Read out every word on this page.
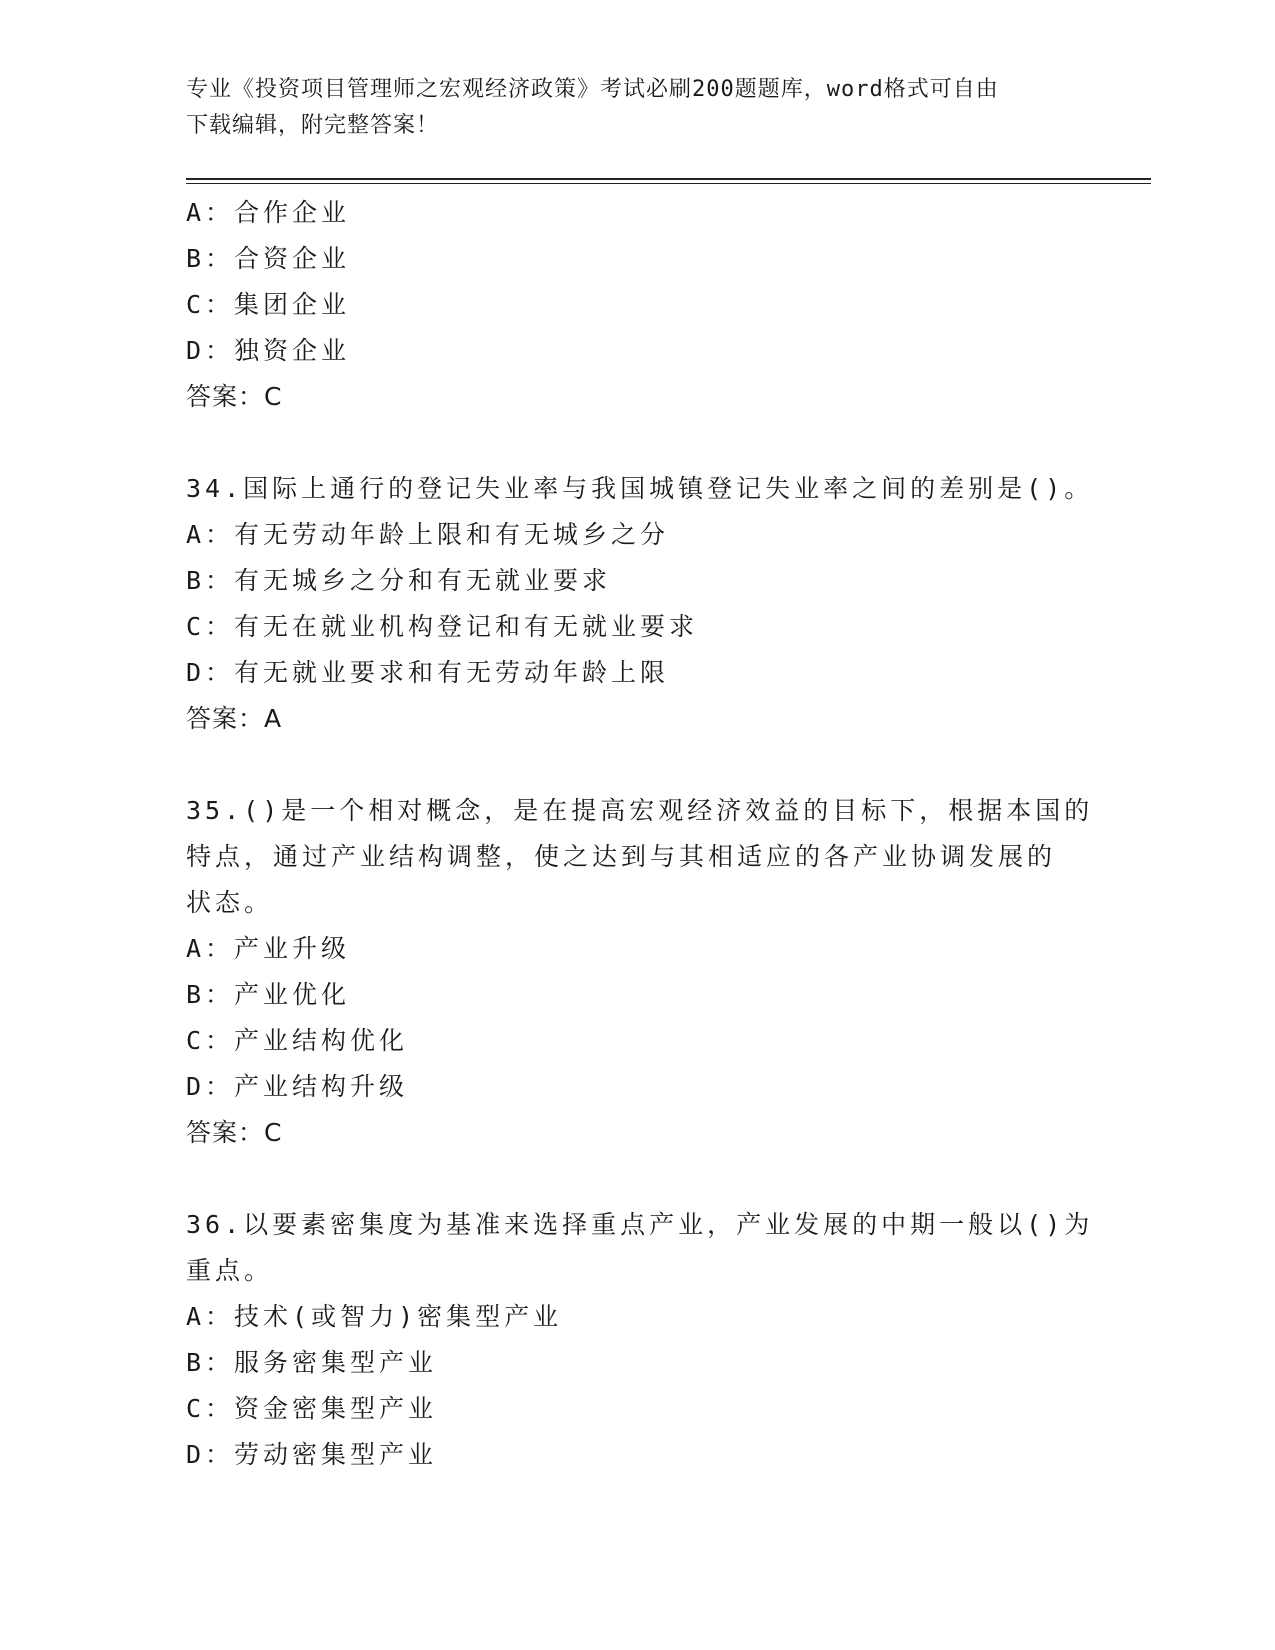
专业《投资项目管理师之宏观经济政策》考试必刷200题题库，word格式可自由
下载编辑，附完整答案！
A：合作企业
B：合资企业
C：集团企业
D：独资企业
答案：C
34.国际上通行的登记失业率与我国城镇登记失业率之间的差别是()。
A：有无劳动年龄上限和有无城乡之分
B：有无城乡之分和有无就业要求
C：有无在就业机构登记和有无就业要求
D：有无就业要求和有无劳动年龄上限
答案：A
35.()是一个相对概念，是在提高宏观经济效益的目标下，根据本国的
特点，通过产业结构调整，使之达到与其相适应的各产业协调发展的
状态。
A：产业升级
B：产业优化
C：产业结构优化
D：产业结构升级
答案：C
36.以要素密集度为基准来选择重点产业，产业发展的中期一般以()为
重点。
A：技术(或智力)密集型产业
B：服务密集型产业
C：资金密集型产业
D：劳动密集型产业
